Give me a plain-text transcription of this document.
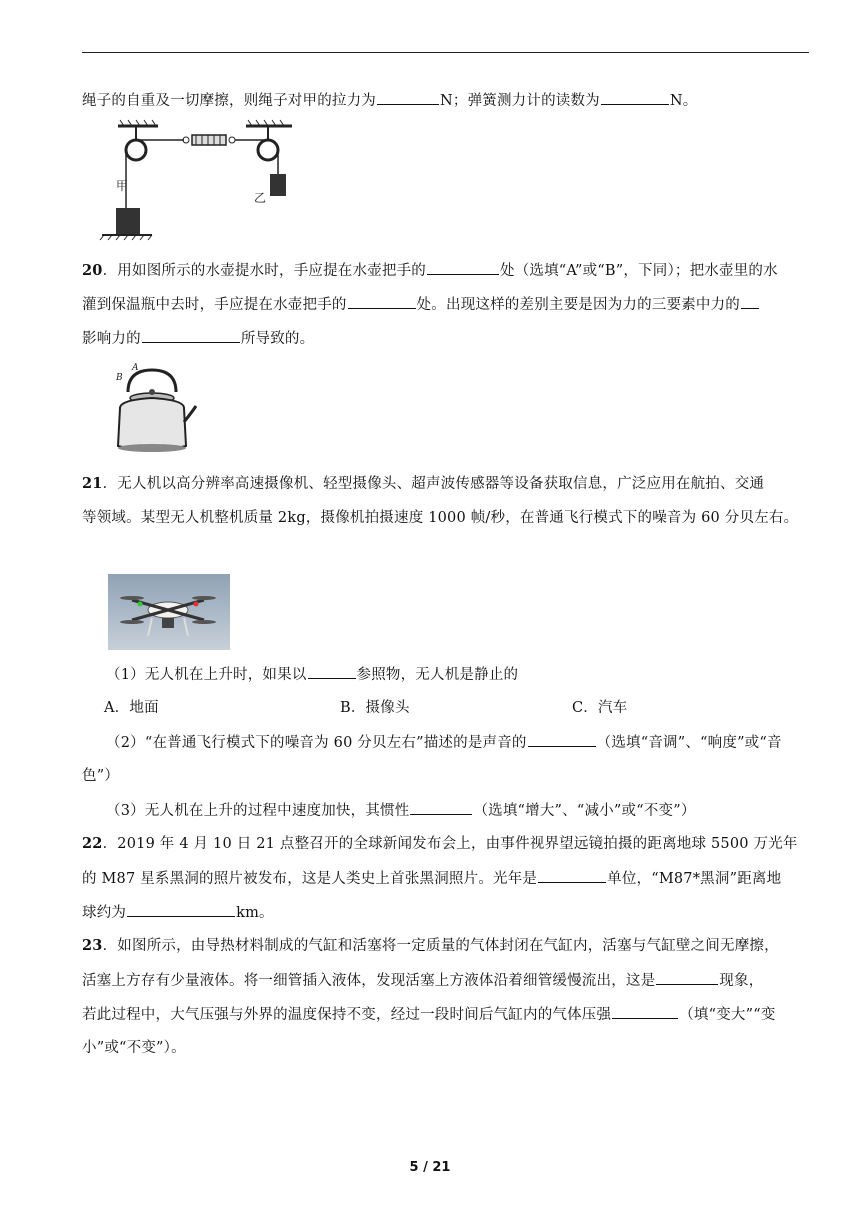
绳子的自重及一切摩擦，则绳子对甲的拉力为	N；弹簧测力计的读数为	N。
甲
乙
20．用如图所示的水壶提水时，手应提在水壶把手的	处（选填“A”或“B”，下同）；把水壶里的水
灌到保温瓶中去时，手应提在水壶把手的	处。出现这样的差别主要是因为力的三要素中力的
影响力的	所导致的。
B
A
21．无人机以高分辨率高速摄像机、轻型摄像头、超声波传感器等设备获取信息，广泛应用在航拍、交通
等领域。某型无人机整机质量 2kg，摄像机拍摄速度 1000 帧/秒，在普通飞行模式下的噪音为 60 分贝左右。
（1）无人机在上升时，如果以	参照物，无人机是静止的
A．地面	B．摄像头	C．汽车
（2）“在普通飞行模式下的噪音为 60 分贝左右”描述的是声音的	（选填“音调”、“响度”或“音
色”）
（3）无人机在上升的过程中速度加快，其惯性	（选填“增大”、“减小”或“不变”）
22．2019 年 4 月 10 日 21 点整召开的全球新闻发布会上，由事件视界望远镜拍摄的距离地球 5500 万光年
的 M87 星系黑洞的照片被发布，这是人类史上首张黑洞照片。光年是	单位，“M87*黑洞”距离地
球约为	km。
23．如图所示，由导热材料制成的气缸和活塞将一定质量的气体封闭在气缸内，活塞与气缸壁之间无摩擦，
活塞上方存有少量液体。将一细管插入液体，发现活塞上方液体沿着细管缓慢流出，这是	现象，
若此过程中，大气压强与外界的温度保持不变，经过一段时间后气缸内的气体压强	（填“变大”“变
小”或“不变”）。
5 / 21
